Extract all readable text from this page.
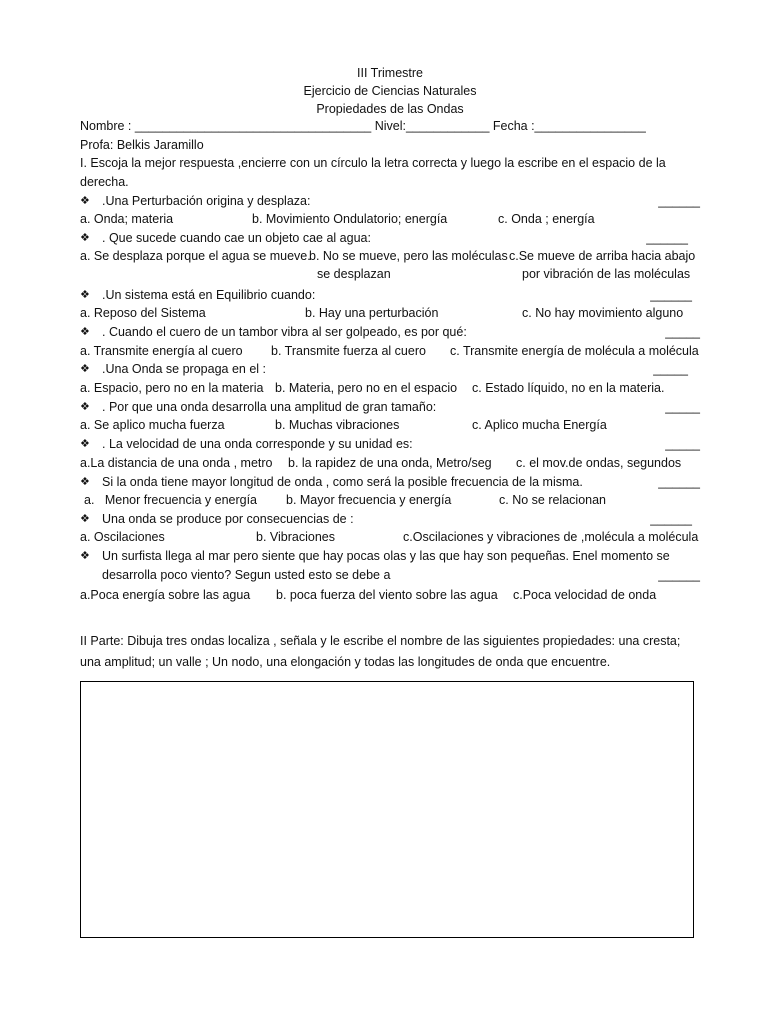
III Trimestre
Ejercicio de Ciencias Naturales
Propiedades de las Ondas
Nombre : __________________________________ Nivel:____________ Fecha :________________
Profa: Belkis Jaramillo
I. Escoja la mejor respuesta ,encierre con un círculo la letra correcta y luego la escribe en el espacio de la
derecha.
❖ .Una Perturbación origina y desplaza:	______
a. Onda; materia	b. Movimiento Ondulatorio; energía	c. Onda ; energía
❖ . Que sucede cuando cae un objeto cae al agua:	______
a. Se desplaza porque el agua se mueve.
b. No se mueve, pero las moléculas c.Se mueve de arriba hacia abajo
se desplazan	por vibración de las moléculas
❖ .Un sistema está en Equilibrio cuando:	______
a. Reposo del Sistema	b. Hay una perturbación	c. No hay movimiento alguno
❖ . Cuando el cuero de un tambor vibra al ser golpeado, es por qué:	_____
a. Transmite energía al cuero b. Transmite fuerza al cuero c. Transmite energía de molécula a molécula
❖ .Una Onda se propaga en el :	_____
a. Espacio, pero no en la materia b. Materia, pero no en el espacio c. Estado líquido, no en la materia.
❖ . Por que una onda desarrolla una amplitud de gran tamaño:	_____
a. Se aplico mucha fuerza	b. Muchas vibraciones	c. Aplico mucha Energía
❖ . La velocidad de una onda corresponde y su unidad es:	_____
a.La distancia de una onda , metro b. la rapidez de una onda, Metro/seg c. el mov.de ondas, segundos
❖ Si la onda tiene mayor longitud de onda , como será la posible frecuencia de la misma.	______
a.   Menor frecuencia y energía b. Mayor frecuencia y energía	c. No se relacionan
❖ Una onda se produce por consecuencias de :	______
a. Oscilaciones	b. Vibraciones	c.Oscilaciones y vibraciones de ,molécula a molécula
❖ Un surfista llega al mar pero siente que hay pocas olas y las que hay son pequeñas. Enel momento se
desarrolla poco viento? Segun usted esto se debe a	______
a.Poca energía sobre las agua b. poca fuerza del viento sobre las agua c.Poca velocidad de onda
II Parte: Dibuja tres ondas localiza , señala y le escribe el nombre de las siguientes propiedades: una cresta;
una amplitud; un valle ; Un nodo, una elongación y todas las longitudes de onda que encuentre.
